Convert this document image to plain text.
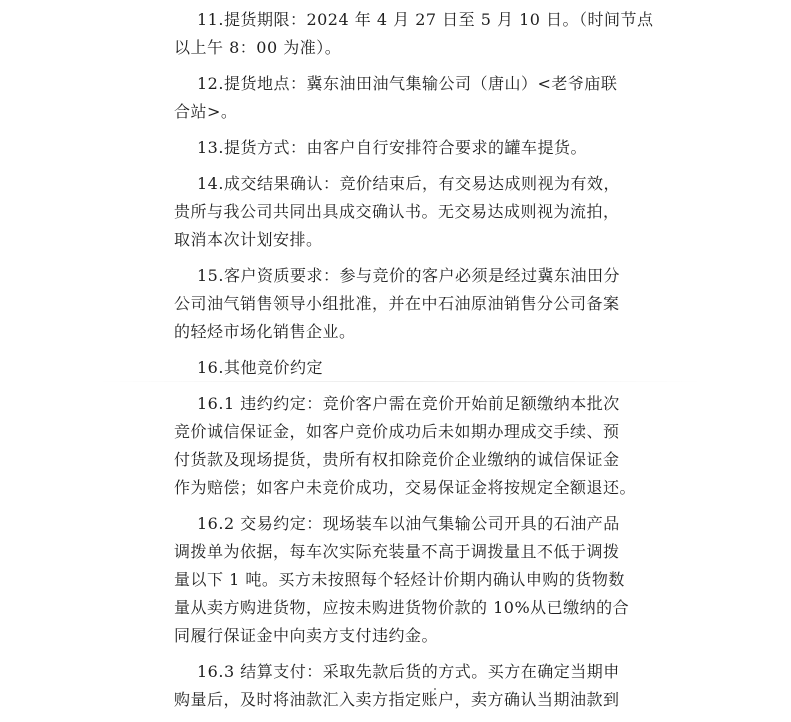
11.提货期限：2024 年 4 月 27 日至 5 月 10 日。（时间节点
以上午 8：00 为准）。
12.提货地点：冀东油田油气集输公司（唐山）<老爷庙联
合站>。
13.提货方式：由客户自行安排符合要求的罐车提货。
14.成交结果确认：竞价结束后，有交易达成则视为有效，
贵所与我公司共同出具成交确认书。无交易达成则视为流拍，
取消本次计划安排。
15.客户资质要求：参与竞价的客户必须是经过冀东油田分
公司油气销售领导小组批准，并在中石油原油销售分公司备案
的轻烃市场化销售企业。
16.其他竞价约定
16.1 违约约定：竞价客户需在竞价开始前足额缴纳本批次
竞价诚信保证金，如客户竞价成功后未如期办理成交手续、预
付货款及现场提货，贵所有权扣除竞价企业缴纳的诚信保证金
作为赔偿；如客户未竞价成功，交易保证金将按规定全额退还。
16.2 交易约定：现场装车以油气集输公司开具的石油产品
调拨单为依据，每车次实际充装量不高于调拨量且不低于调拨
量以下 1 吨。买方未按照每个轻烃计价期内确认申购的货物数
量从卖方购进货物，应按未购进货物价款的 10%从已缴纳的合
同履行保证金中向卖方支付违约金。
16.3 结算支付：采取先款后货的方式。买方在确定当期申
购量后，及时将油款汇入卖方指定账户，卖方确认当期油款到
